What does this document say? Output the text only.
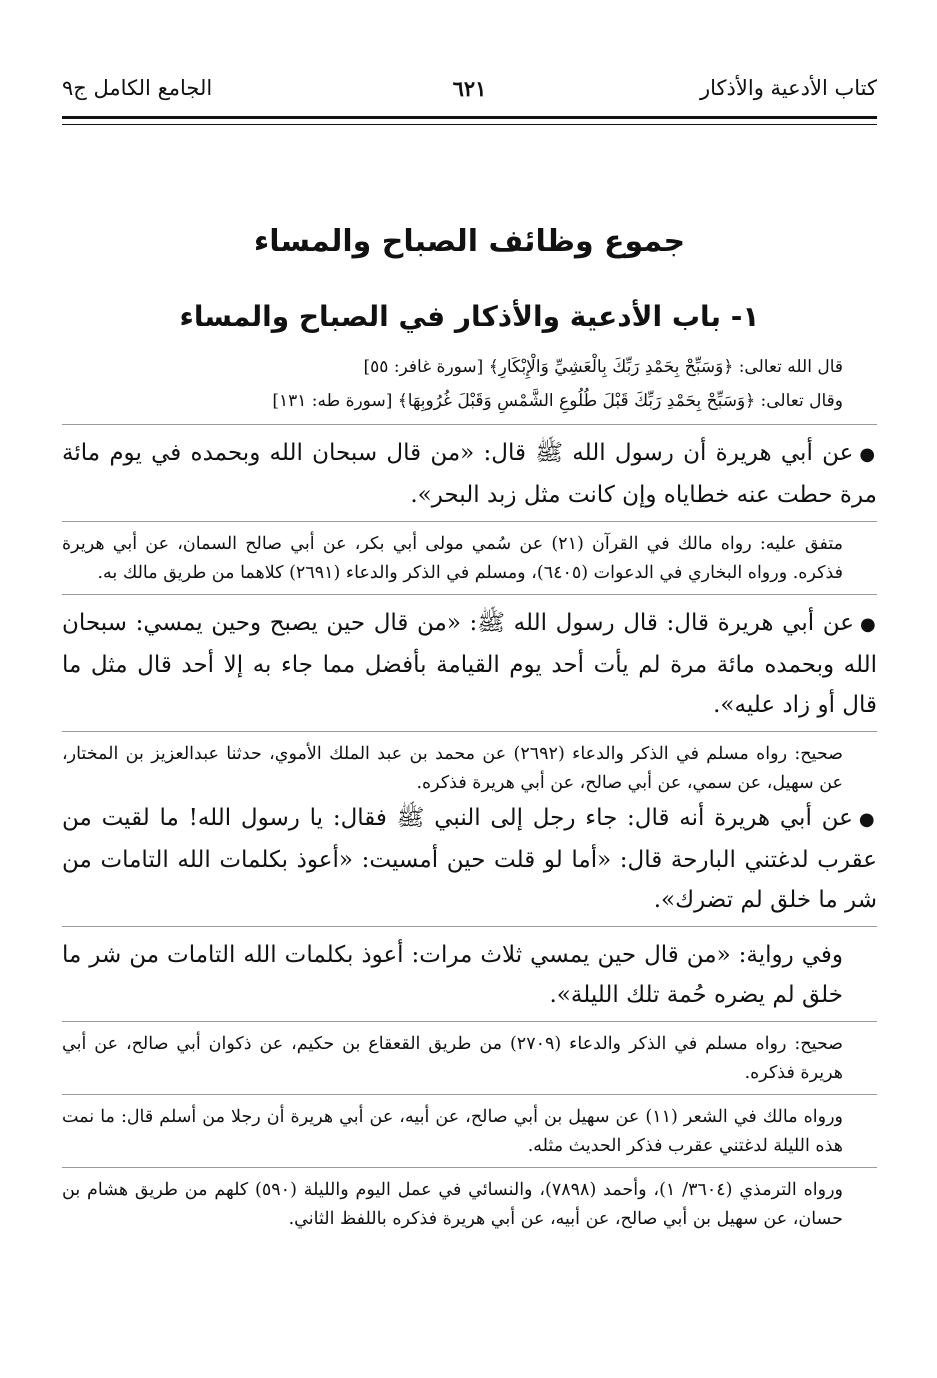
كتاب الأدعية والأذكار
٦٢١
الجامع الكامل ج٩
جموع وظائف الصباح والمساء
١- باب الأدعية والأذكار في الصباح والمساء

قال الله تعالى: ﴿وَسَبِّحْ بِحَمْدِ رَبِّكَ بِالْعَشِيِّ وَالْإِبْكَارِ﴾ [سورة غافر: ٥٥]

وقال تعالى: ﴿وَسَبِّحْ بِحَمْدِ رَبِّكَ قَبْلَ طُلُوعِ الشَّمْسِ وَقَبْلَ غُرُوبِهَا﴾ [سورة طه: ١٣١]

●عن أبي هريرة أن رسول الله ﷺ قال: «من قال سبحان الله وبحمده في يوم مائة مرة حطت عنه خطاياه وإن كانت مثل زبد البحر».

متفق عليه: رواه مالك في القرآن (٢١) عن سُمي مولى أبي بكر، عن أبي صالح السمان، عن أبي هريرة فذكره. ورواه البخاري في الدعوات (٦٤٠٥)، ومسلم في الذكر والدعاء (٢٦٩١) كلاهما من طريق مالك به.

●عن أبي هريرة قال: قال رسول الله ﷺ: «من قال حين يصبح وحين يمسي: سبحان الله وبحمده مائة مرة لم يأت أحد يوم القيامة بأفضل مما جاء به إلا أحد قال مثل ما قال أو زاد عليه».

صحيح: رواه مسلم في الذكر والدعاء (٢٦٩٢) عن محمد بن عبد الملك الأموي، حدثنا عبدالعزيز بن المختار، عن سهيل، عن سمي، عن أبي صالح، عن أبي هريرة فذكره.

●عن أبي هريرة أنه قال: جاء رجل إلى النبي ﷺ فقال: يا رسول الله! ما لقيت من عقرب لدغتني البارحة قال: «أما لو قلت حين أمسيت: «أعوذ بكلمات الله التامات من شر ما خلق لم تضرك».

وفي رواية: «من قال حين يمسي ثلاث مرات: أعوذ بكلمات الله التامات من شر ما خلق لم يضره حُمة تلك الليلة».

صحيح: رواه مسلم في الذكر والدعاء (٢٧٠٩) من طريق القعقاع بن حكيم، عن ذكوان أبي صالح، عن أبي هريرة فذكره.

ورواه مالك في الشعر (١١) عن سهيل بن أبي صالح، عن أبيه، عن أبي هريرة أن رجلا من أسلم قال: ما نمت هذه الليلة لدغتني عقرب فذكر الحديث مثله.

ورواه الترمذي (٣٦٠٤/ ١)، وأحمد (٧٨٩٨)، والنسائي في عمل اليوم والليلة (٥٩٠) كلهم من طريق هشام بن حسان، عن سهيل بن أبي صالح، عن أبيه، عن أبي هريرة فذكره باللفظ الثاني.
